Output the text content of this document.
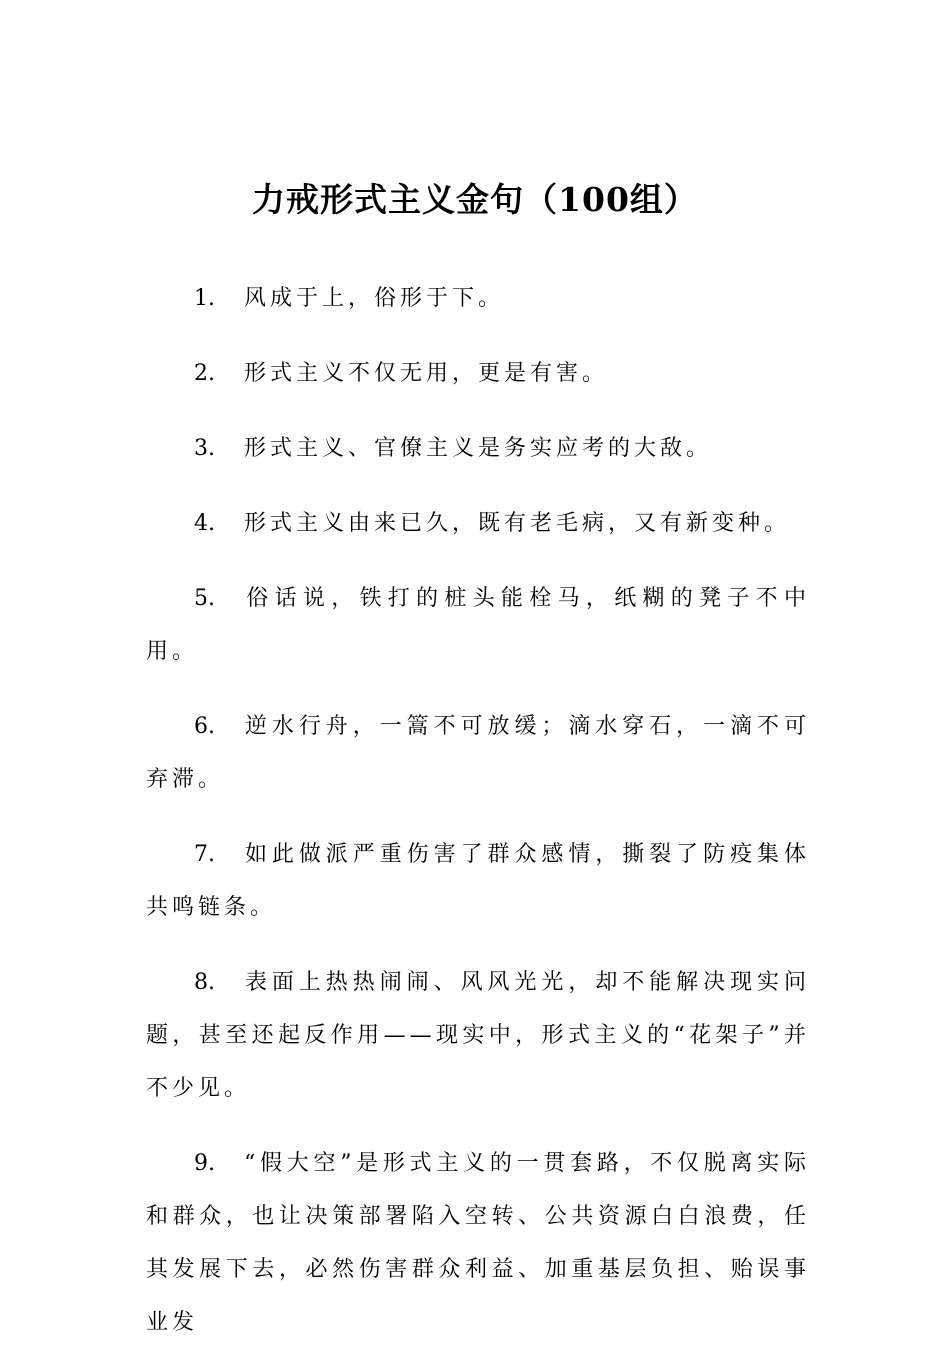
力戒形式主义金句（100组）

1. 风成于上，俗形于下。

2. 形式主义不仅无用，更是有害。

3. 形式主义、官僚主义是务实应考的大敌。

4. 形式主义由来已久，既有老毛病，又有新变种。

5. 俗话说，铁打的桩头能栓马，纸糊的凳子不中用。

6. 逆水行舟，一篙不可放缓；滴水穿石，一滴不可弃滞。

7. 如此做派严重伤害了群众感情，撕裂了防疫集体共鸣链条。

8. 表面上热热闹闹、风风光光，却不能解决现实问题，甚至还起反作用——现实中，形式主义的“花架子”并不少见。

9. “假大空”是形式主义的一贯套路，不仅脱离实际和群众，也让决策部署陷入空转、公共资源白白浪费，任其发展下去，必然伤害群众利益、加重基层负担、贻误事业发
